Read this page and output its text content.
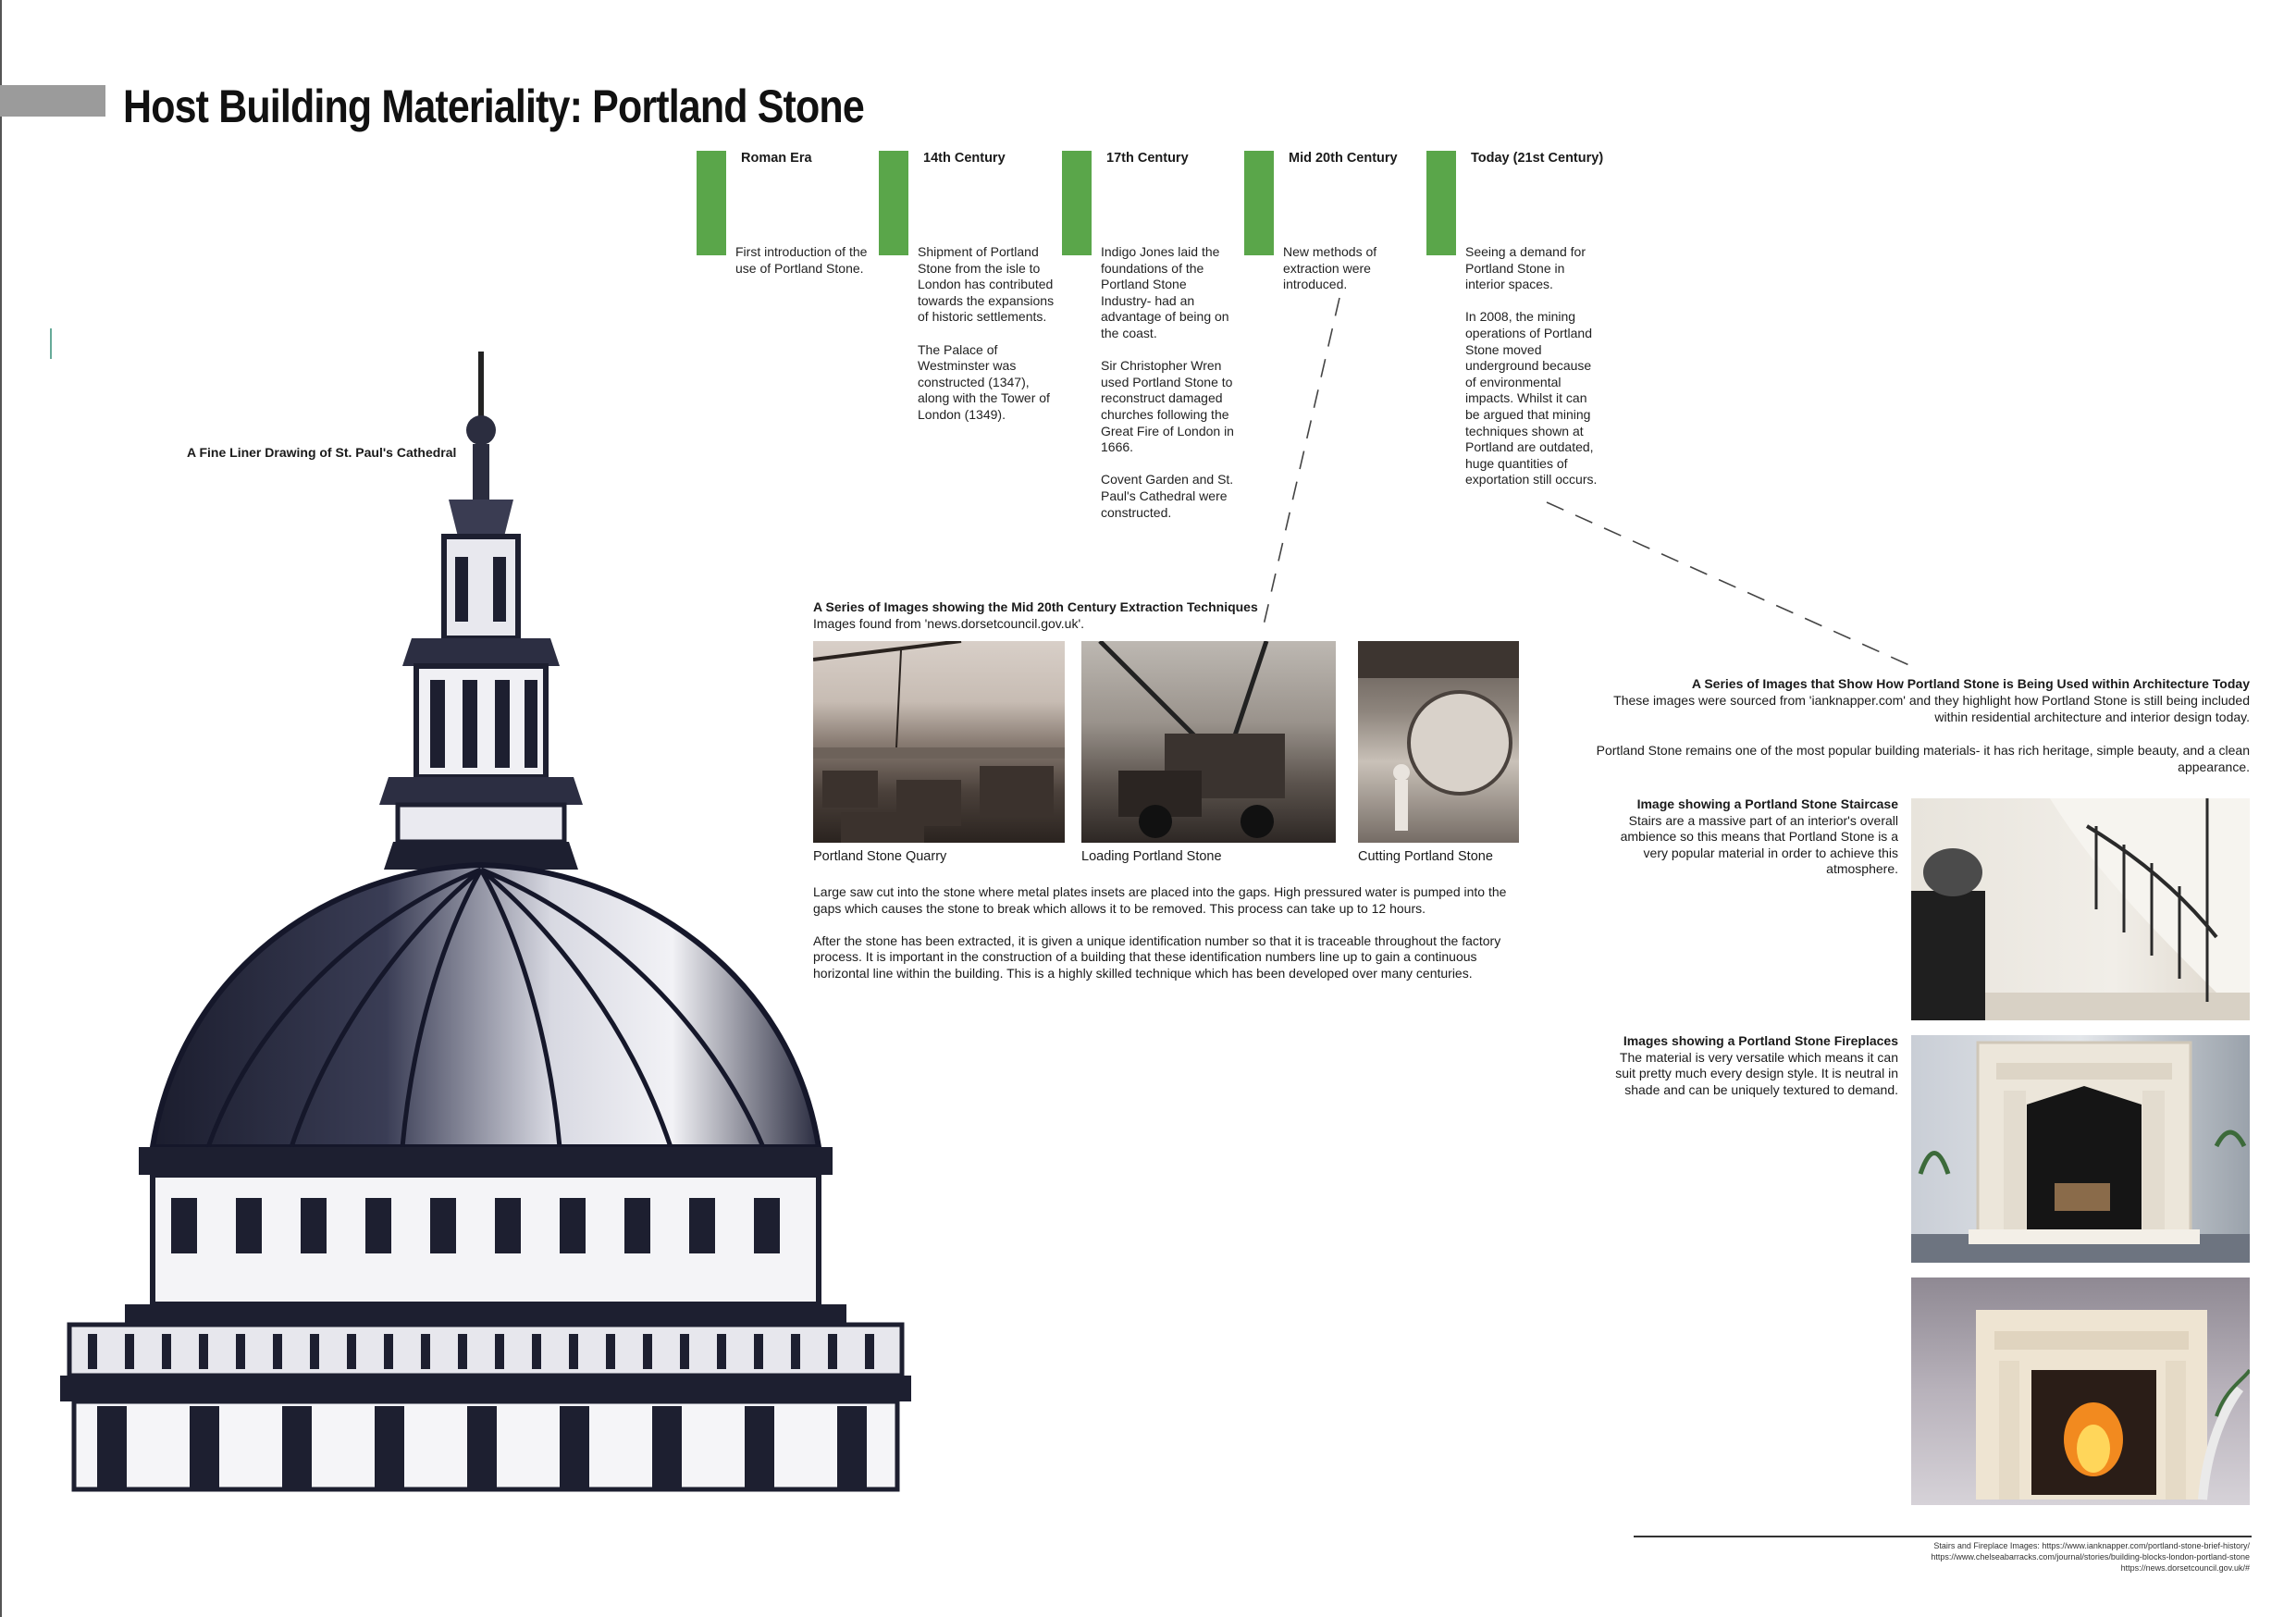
Host Building Materiality: Portland Stone
Roman Era

First introduction of the use of Portland Stone.

14th Century

Shipment of Portland Stone from the isle to London has contributed towards the expansions of historic settlements.

The Palace of Westminster was constructed (1347), along with the Tower of London (1349).

17th Century

Indigo Jones laid the foundations of the Portland Stone Industry- had an advantage of being on the coast.

Sir Christopher Wren used Portland Stone to reconstruct damaged churches following the Great Fire of London in 1666.

Covent Garden and St. Paul's Cathedral were constructed.

Mid 20th Century

New methods of extraction were introduced.

Today (21st Century)

Seeing a demand for Portland Stone in interior spaces.

In 2008, the mining operations of Portland Stone moved underground because of environmental impacts. Whilst it can be argued that mining techniques shown at Portland are outdated, huge quantities of exportation still occurs.

A Fine Liner Drawing of St. Paul's Cathedral
A Series of Images showing the Mid 20th Century Extraction Techniques
Images found from 'news.dorsetcouncil.gov.uk'.
Portland Stone Quarry	Loading Portland Stone	Cutting Portland Stone

Large saw cut into the stone where metal plates insets are placed into the gaps. High pressured water is pumped into the gaps which causes the stone to break which allows it to be removed. This process can take up to 12 hours.

After the stone has been extracted, it is given a unique identification number so that it is traceable throughout the factory process. It is important in the construction of a building that these identification numbers line up to gain a continuous horizontal line within the building. This is a highly skilled technique which has been developed over many centuries.

A Series of Images that Show How Portland Stone is Being Used within Architecture Today

These images were sourced from 'ianknapper.com' and they highlight how Portland Stone is still being included within residential architecture and interior design today.

Portland Stone remains one of the most popular building materials- it has rich heritage, simple beauty, and a clean appearance.

Image showing a Portland Stone Staircase
Stairs are a massive part of an interior's overall ambience so this means that Portland Stone is a very popular material in order to achieve this atmosphere.
Images showing a Portland Stone Fireplaces
The material is very versatile which means it can suit pretty much every design style. It is neutral in shade and can be uniquely textured to demand.
Stairs and Fireplace Images: https://www.ianknapper.com/portland-stone-brief-history/
https://www.chelseabarracks.com/journal/stories/building-blocks-london-portland-stone
https://news.dorsetcouncil.gov.uk/#
